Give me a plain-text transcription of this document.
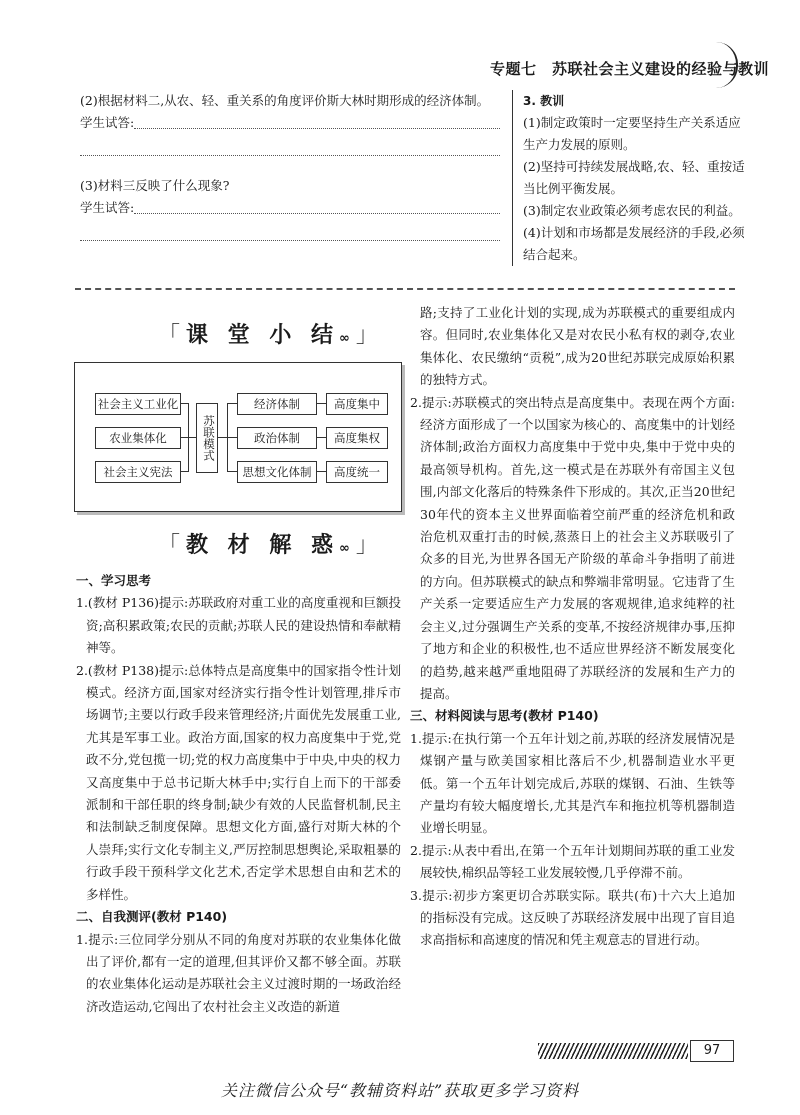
专题七　苏联社会主义建设的经验与教训
(2)根据材料二,从农、轻、重关系的角度评价斯大林时期形成的经济体制。
学生试答:
(3)材料三反映了什么现象?
学生试答:
3. 教训
(1)制定政策时一定要坚持生产关系适应生产力发展的原则。
(2)坚持可持续发展战略,农、轻、重按适当比例平衡发展。
(3)制定农业政策必须考虑农民的利益。
(4)计划和市场都是发展经济的手段,必须结合起来。
「课 堂 小 结∞」
社会主义工业化
农业集体化
社会主义宪法
苏联模式
经济体制
政治体制
思想文化体制
高度集中
高度集权
高度统一
「教 材 解 惑∞」
一、学习思考
1.(教材 P136)提示:苏联政府对重工业的高度重视和巨额投资;高积累政策;农民的贡献;苏联人民的建设热情和奉献精神等。
2.(教材 P138)提示:总体特点是高度集中的国家指令性计划模式。经济方面,国家对经济实行指令性计划管理,排斥市场调节;主要以行政手段来管理经济;片面优先发展重工业,尤其是军事工业。政治方面,国家的权力高度集中于党,党政不分,党包揽一切;党的权力高度集中于中央,中央的权力又高度集中于总书记斯大林手中;实行自上而下的干部委派制和干部任职的终身制;缺少有效的人民监督机制,民主和法制缺乏制度保障。思想文化方面,盛行对斯大林的个人崇拜;实行文化专制主义,严厉控制思想舆论,采取粗暴的行政手段干预科学文化艺术,否定学术思想自由和艺术的多样性。
二、自我测评(教材 P140)
1.提示:三位同学分别从不同的角度对苏联的农业集体化做出了评价,都有一定的道理,但其评价又都不够全面。苏联的农业集体化运动是苏联社会主义过渡时期的一场政治经济改造运动,它闯出了农村社会主义改造的新道
路;支持了工业化计划的实现,成为苏联模式的重要组成内容。但同时,农业集体化又是对农民小私有权的剥夺,农业集体化、农民缴纳“贡税”,成为20世纪苏联完成原始积累的独特方式。
2.提示:苏联模式的突出特点是高度集中。表现在两个方面:经济方面形成了一个以国家为核心的、高度集中的计划经济体制;政治方面权力高度集中于党中央,集中于党中央的最高领导机构。首先,这一模式是在苏联外有帝国主义包围,内部文化落后的特殊条件下形成的。其次,正当20世纪30年代的资本主义世界面临着空前严重的经济危机和政治危机双重打击的时候,蒸蒸日上的社会主义苏联吸引了众多的目光,为世界各国无产阶级的革命斗争指明了前进的方向。但苏联模式的缺点和弊端非常明显。它违背了生产关系一定要适应生产力发展的客观规律,追求纯粹的社会主义,过分强调生产关系的变革,不按经济规律办事,压抑了地方和企业的积极性,也不适应世界经济不断发展变化的趋势,越来越严重地阻碍了苏联经济的发展和生产力的提高。
三、材料阅读与思考(教材 P140)
1.提示:在执行第一个五年计划之前,苏联的经济发展情况是煤钢产量与欧美国家相比落后不少,机器制造业水平更低。第一个五年计划完成后,苏联的煤钢、石油、生铁等产量均有较大幅度增长,尤其是汽车和拖拉机等机器制造业增长明显。
2.提示:从表中看出,在第一个五年计划期间苏联的重工业发展较快,棉织品等轻工业发展较慢,几乎停滞不前。
3.提示:初步方案更切合苏联实际。联共(布)十六大上追加的指标没有完成。这反映了苏联经济发展中出现了盲目追求高指标和高速度的情况和凭主观意志的冒进行动。
97
关注微信公众号“教辅资料站”获取更多学习资料
